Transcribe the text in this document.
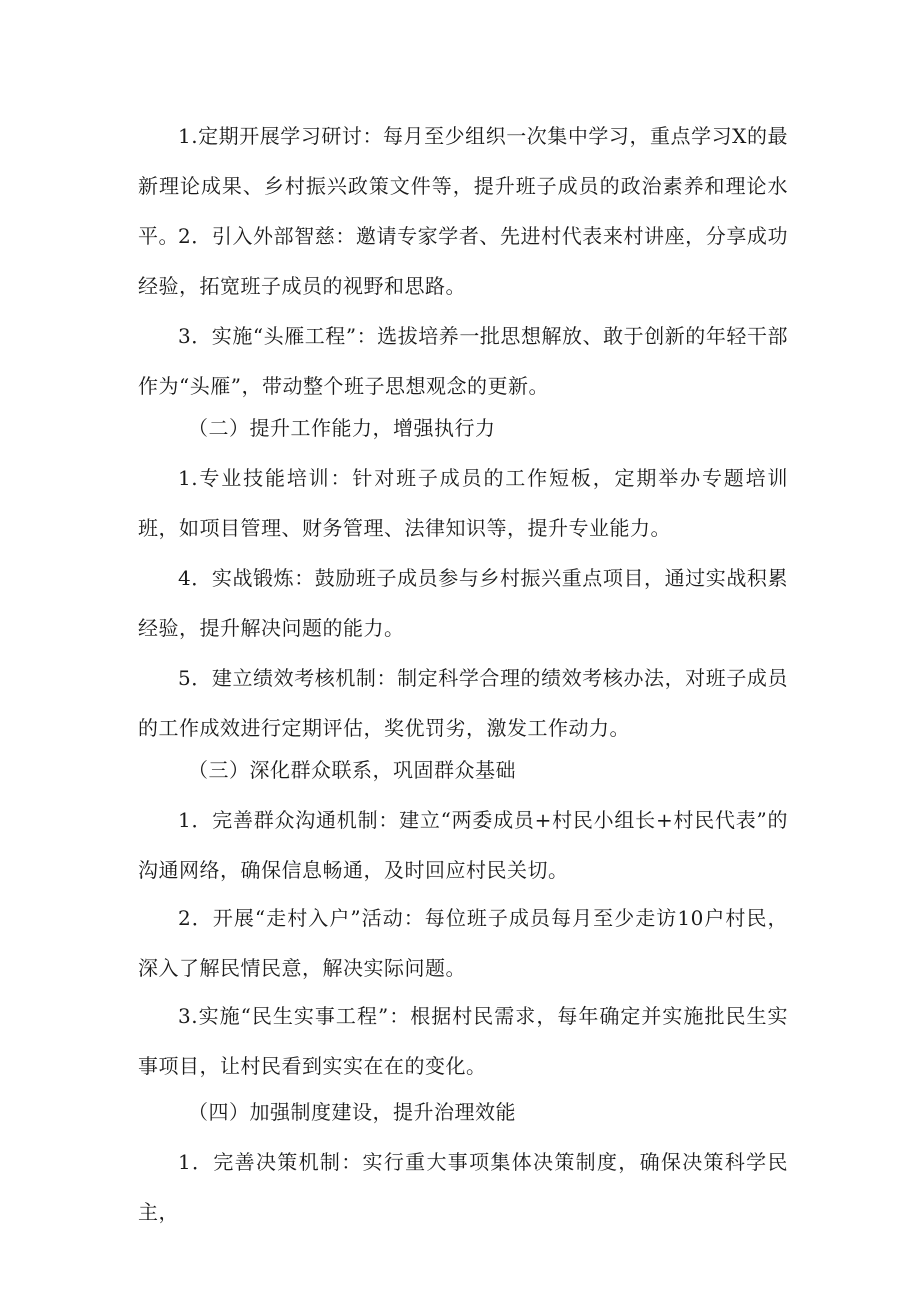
1.定期开展学习研讨：每月至少组织一次集中学习，重点学习X的最新理论成果、乡村振兴政策文件等，提升班子成员的政治素养和理论水平。 2．引入外部智慈：邀请专家学者、先进村代表来村讲座，分享成功经验，拓宽班子成员的视野和思路。

3．实施“头雁工程”：选拔培养一批思想解放、敢于创新的年轻干部作为“头雁”，带动整个班子思想观念的更新。

（二）提升工作能力，增强执行力

1.专业技能培训：针对班子成员的工作短板，定期举办专题培训班，如项目管理、财务管理、法律知识等，提升专业能力。

4．实战锻炼：鼓励班子成员参与乡村振兴重点项目，通过实战积累经验，提升解决问题的能力。

5．建立绩效考核机制：制定科学合理的绩效考核办法，对班子成员的工作成效进行定期评估，奖优罚劣，激发工作动力。

（三）深化群众联系，巩固群众基础

1．完善群众沟通机制：建立“两委成员+村民小组长+村民代表”的沟通网络，确保信息畅通，及时回应村民关切。

2．开展“走村入户”活动：每位班子成员每月至少走访10户村民，深入了解民情民意，解决实际问题。

3.实施“民生实事工程”：根据村民需求，每年确定并实施批民生实事项目，让村民看到实实在在的变化。

（四）加强制度建设，提升治理效能

1．完善决策机制：实行重大事项集体决策制度，确保决策科学民主，
